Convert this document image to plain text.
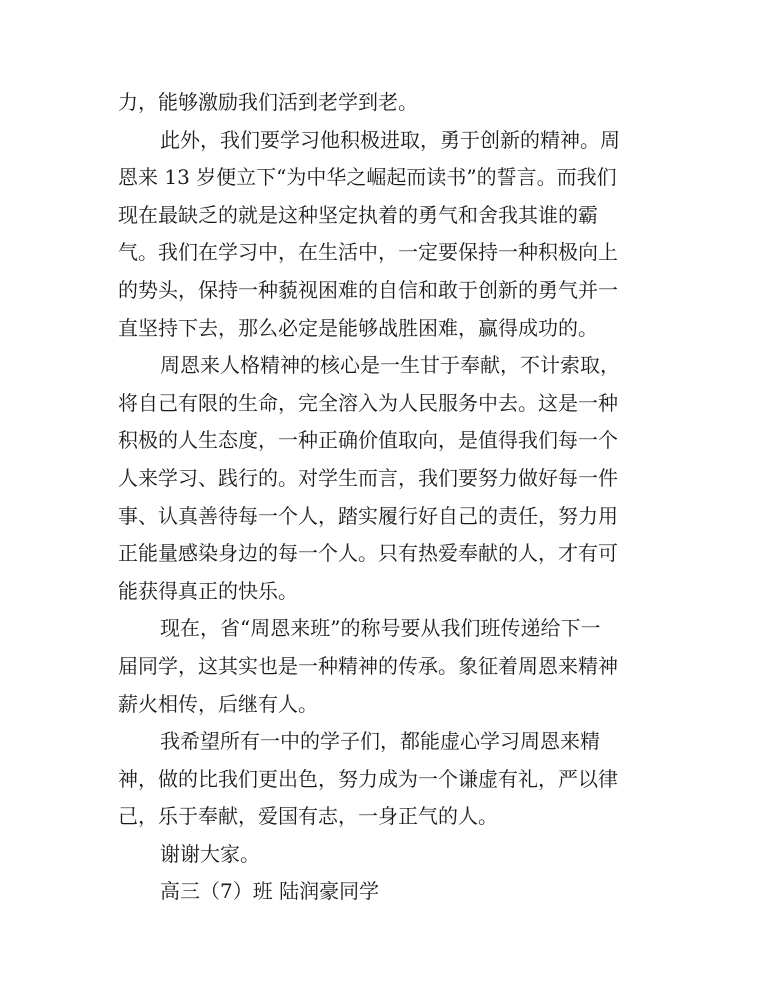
力，能够激励我们活到老学到老。
此外，我们要学习他积极进取，勇于创新的精神。周
恩来 13 岁便立下“为中华之崛起而读书”的誓言。而我们
现在最缺乏的就是这种坚定执着的勇气和舍我其谁的霸
气。我们在学习中，在生活中，一定要保持一种积极向上
的势头，保持一种藐视困难的自信和敢于创新的勇气并一
直坚持下去，那么必定是能够战胜困难，赢得成功的。
周恩来人格精神的核心是一生甘于奉献，不计索取，
将自己有限的生命，完全溶入为人民服务中去。这是一种
积极的人生态度，一种正确价值取向，是值得我们每一个
人来学习、践行的。对学生而言，我们要努力做好每一件
事、认真善待每一个人，踏实履行好自己的责任，努力用
正能量感染身边的每一个人。只有热爱奉献的人，才有可
能获得真正的快乐。
现在，省“周恩来班”的称号要从我们班传递给下一
届同学，这其实也是一种精神的传承。象征着周恩来精神
薪火相传，后继有人。
我希望所有一中的学子们，都能虚心学习周恩来精
神，做的比我们更出色，努力成为一个谦虚有礼，严以律
己，乐于奉献，爱国有志，一身正气的人。
谢谢大家。
高三（7）班 陆润豪同学
